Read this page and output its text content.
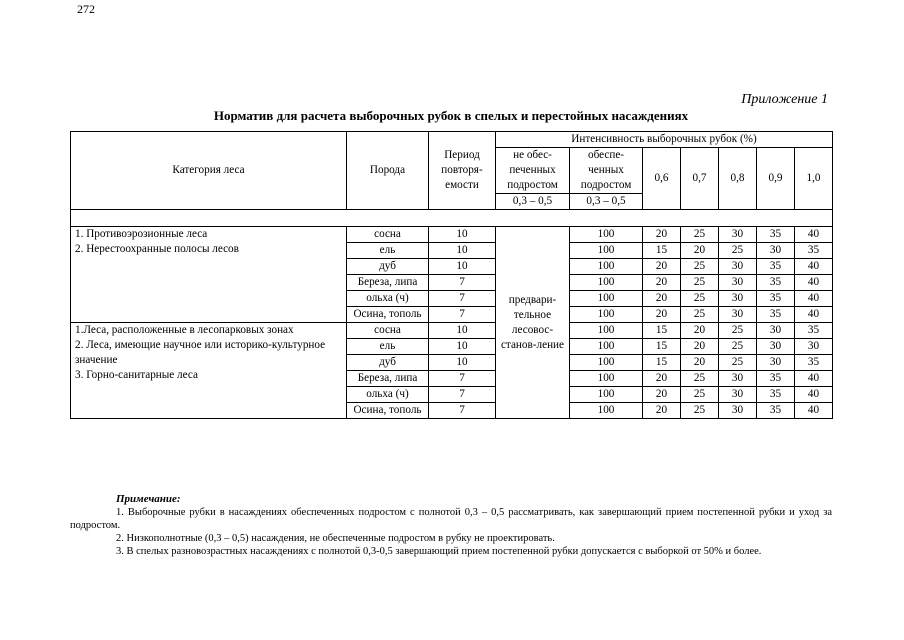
272
Приложение 1
Норматив для расчета выборочных рубок в спелых и перестойных насаждениях
Категория леса	Порода	Период повторя-емости	Интенсивность выборочных рубок (%)						
			не обес-печенных подростом	обеспе-ченных подростом	0,6	0,7	0,8	0,9	1,0
			0,3 – 0,5	0,3 – 0,5					

1. Противоэрозионные леса
2. Нерестоохранные полосы лесов	сосна	10	предвари-тельное лесовос-станов-ление	100	20	25	30	35	40
	ель	10		100	15	20	25	30	35
	дуб	10		100	20	25	30	35	40
	Береза, липа	7		100	20	25	30	35	40
	ольха (ч)	7		100	20	25	30	35	40
	Осина, тополь	7		100	20	25	30	35	40

1.Леса, расположенные в лесопарковых зонах
2. Леса, имеющие научное или историко-культурное значение
3. Горно-санитарные леса	сосна	10		100	15	20	25	30	35
	ель	10		100	15	20	25	30	30
	дуб	10		100	15	20	25	30	35
	Береза, липа	7		100	20	25	30	35	40
	ольха (ч)	7		100	20	25	30	35	40
	Осина, тополь	7		100	20	25	30	35	40
Примечание:

1. Выборочные рубки в насаждениях обеспеченных подростом с полнотой 0,3 – 0,5 рассматривать, как завершающий прием постепенной рубки и уход за подростом.

2. Низкополнотные (0,3 – 0,5) насаждения, не обеспеченные подростом в рубку не проектировать.

3. В спелых разновозрастных насаждениях с полнотой 0,3-0,5 завершающий прием постепенной рубки допускается с выборкой от 50% и более.
